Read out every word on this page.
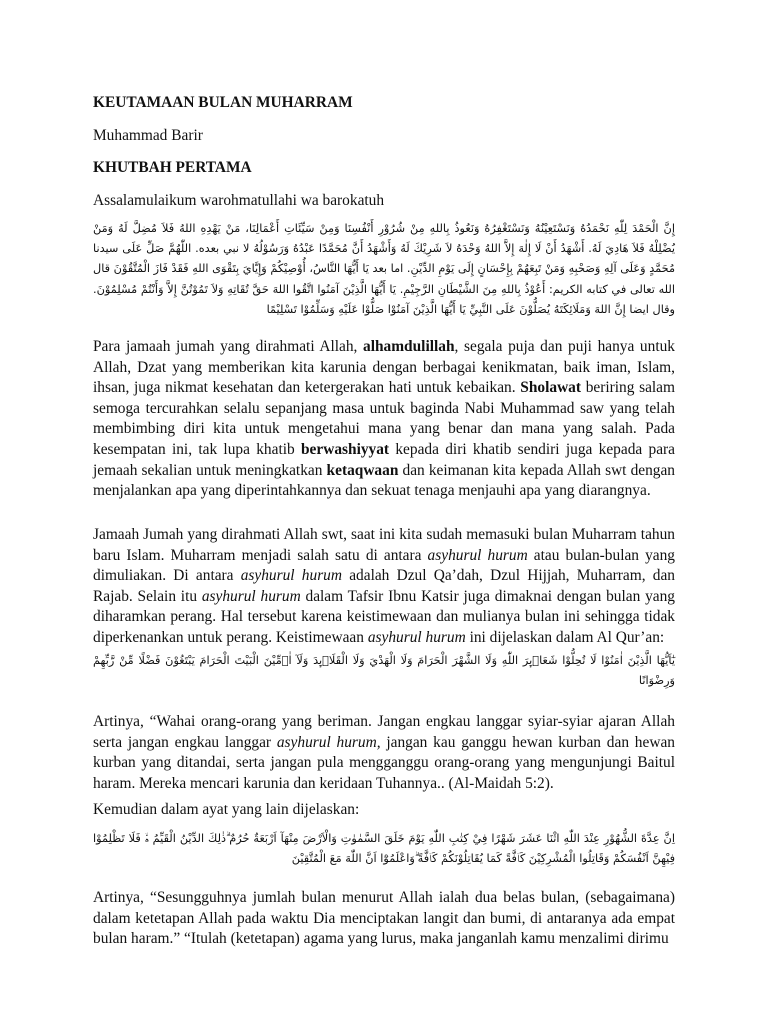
KEUTAMAAN BULAN MUHARRAM

Muhammad Barir

KHUTBAH PERTAMA

Assalamulaikum warohmatullahi wa barokatuh

إِنَّ الْحَمْدَ لِلّٰهِ نَحْمَدُهُ وَنَسْتَعِيْنُهُ وَنَسْتَغْفِرُهُ وَنَعُوذُ بِاللهِ مِنْ شُرُوْرِ أَنْفُسِنَا وَمِنْ سَيِّئَاتِ أَعْمَالِنَا، مَنْ يَهْدِهِ اللهُ فَلاَ مُضِلَّ لَهُ وَمَنْ يُضْلِلْهُ فَلاَ هَادِيَ لَهُ. أَشْهَدُ أَنْ لَا إِلٰهَ إِلاَّ اللهُ وَحْدَهُ لاَ شَرِيْكَ لَهُ وَأَشْهَدُ أَنَّ مُحَمَّدًا عَبْدُهُ وَرَسُوْلُهُ لا نبي بعده. اللّٰهُمَّ صَلِّ عَلَى سيدنا مُحَمَّدٍ وَعَلَى آلِهِ وَصَحْبِهِ وَمَنْ تَبِعَهُمْ بِإِحْسَانٍ إِلَى يَوْمِ الدِّيْنِ. اما بعد يَا أَيُّهَا النَّاسُ، أُوْصِيْكُمْ وَإِيَّايَ بِتَقْوَى اللهِ فَقَدْ فَازَ الْمُتَّقُوْنَ قال الله تعالى في كتابه الكريم: أَعُوْذُ بِاللهِ مِنَ الشَّيْطَانِ الرَّجِيْمِ. يَا أَيُّهَا الَّذِيْنَ آمَنُوا اتَّقُوا اللهَ حَقَّ تُقَاتِهِ وَلاَ تَمُوْتُنَّ إِلاَّ وَأَنْتُمْ مُسْلِمُوْنَ. وقال ايضا إِنَّ اللهَ وَمَلَائِكَتَهُ يُصَلُّوْنَ عَلَى النَّبِيِّ يَا أَيُّهَا الَّذِيْنَ آمَنُوْا صَلُّوْا عَلَيْهِ وَسَلِّمُوْا تَسْلِيْمًا

Para jamaah jumah yang dirahmati Allah, alhamdulillah, segala puja dan puji hanya untuk Allah, Dzat yang memberikan kita karunia dengan berbagai kenikmatan, baik iman, Islam, ihsan, juga nikmat kesehatan dan ketergerakan hati untuk kebaikan. Sholawat beriring salam semoga tercurahkan selalu sepanjang masa untuk baginda Nabi Muhammad saw yang telah membimbing diri kita untuk mengetahui mana yang benar dan mana yang salah. Pada kesempatan ini, tak lupa khatib berwashiyyat kepada diri khatib sendiri juga kepada para jemaah sekalian untuk meningkatkan ketaqwaan dan keimanan kita kepada Allah swt dengan menjalankan apa yang diperintahkannya dan sekuat tenaga menjauhi apa yang diarangnya.

Jamaah Jumah yang dirahmati Allah swt, saat ini kita sudah memasuki bulan Muharram tahun baru Islam. Muharram menjadi salah satu di antara asyhurul hurum atau bulan-bulan yang dimuliakan. Di antara asyhurul hurum adalah Dzul Qa’dah, Dzul Hijjah, Muharram, dan Rajab. Selain itu asyhurul hurum dalam Tafsir Ibnu Katsir juga dimaknai dengan bulan yang diharamkan perang. Hal tersebut karena keistimewaan dan mulianya bulan ini sehingga tidak diperkenankan untuk perang. Keistimewaan asyhurul hurum ini dijelaskan dalam Al Qur’an:

يٰٓاَيُّهَا الَّذِيْنَ اٰمَنُوْا لَا تُحِلُّوْا شَعَاۤىِٕرَ اللّٰهِ وَلَا الشَّهْرَ الْحَرَامَ وَلَا الْهَدْيَ وَلَا الْقَلَاۤىِٕدَ وَلَآ اٰۤمِّيْنَ الْبَيْتَ الْحَرَامَ يَبْتَغُوْنَ فَضْلًا مِّنْ رَّبِّهِمْ وَرِضْوَانًا

Artinya, “Wahai orang-orang yang beriman. Jangan engkau langgar syiar-syiar ajaran Allah serta jangan engkau langgar asyhurul hurum, jangan kau ganggu hewan kurban dan hewan kurban yang ditandai, serta jangan pula mengganggu orang-orang yang mengunjungi Baitul haram. Mereka mencari karunia dan keridaan Tuhannya.. (Al-Maidah 5:2).

Kemudian dalam ayat yang lain dijelaskan:

اِنَّ عِدَّةَ الشُّهُوْرِ عِنْدَ اللّٰهِ اثْنَا عَشَرَ شَهْرًا فِيْ كِتٰبِ اللّٰهِ يَوْمَ خَلَقَ السَّمٰوٰتِ وَالْاَرْضَ مِنْهَآ اَرْبَعَةٌ حُرُمٌ ۗذٰلِكَ الدِّيْنُ الْقَيِّمُ ەۙ فَلَا تَظْلِمُوْا فِيْهِنَّ اَنْفُسَكُمْ وَقَاتِلُوا الْمُشْرِكِيْنَ كَاۤفَّةً كَمَا يُقَاتِلُوْنَكُمْ كَاۤفَّةً ۗوَاعْلَمُوْٓا اَنَّ اللّٰهَ مَعَ الْمُتَّقِيْنَ

Artinya, “Sesungguhnya jumlah bulan menurut Allah ialah dua belas bulan, (sebagaimana) dalam ketetapan Allah pada waktu Dia menciptakan langit dan bumi, di antaranya ada empat bulan haram.” “Itulah (ketetapan) agama yang lurus, maka janganlah kamu menzalimi dirimu
